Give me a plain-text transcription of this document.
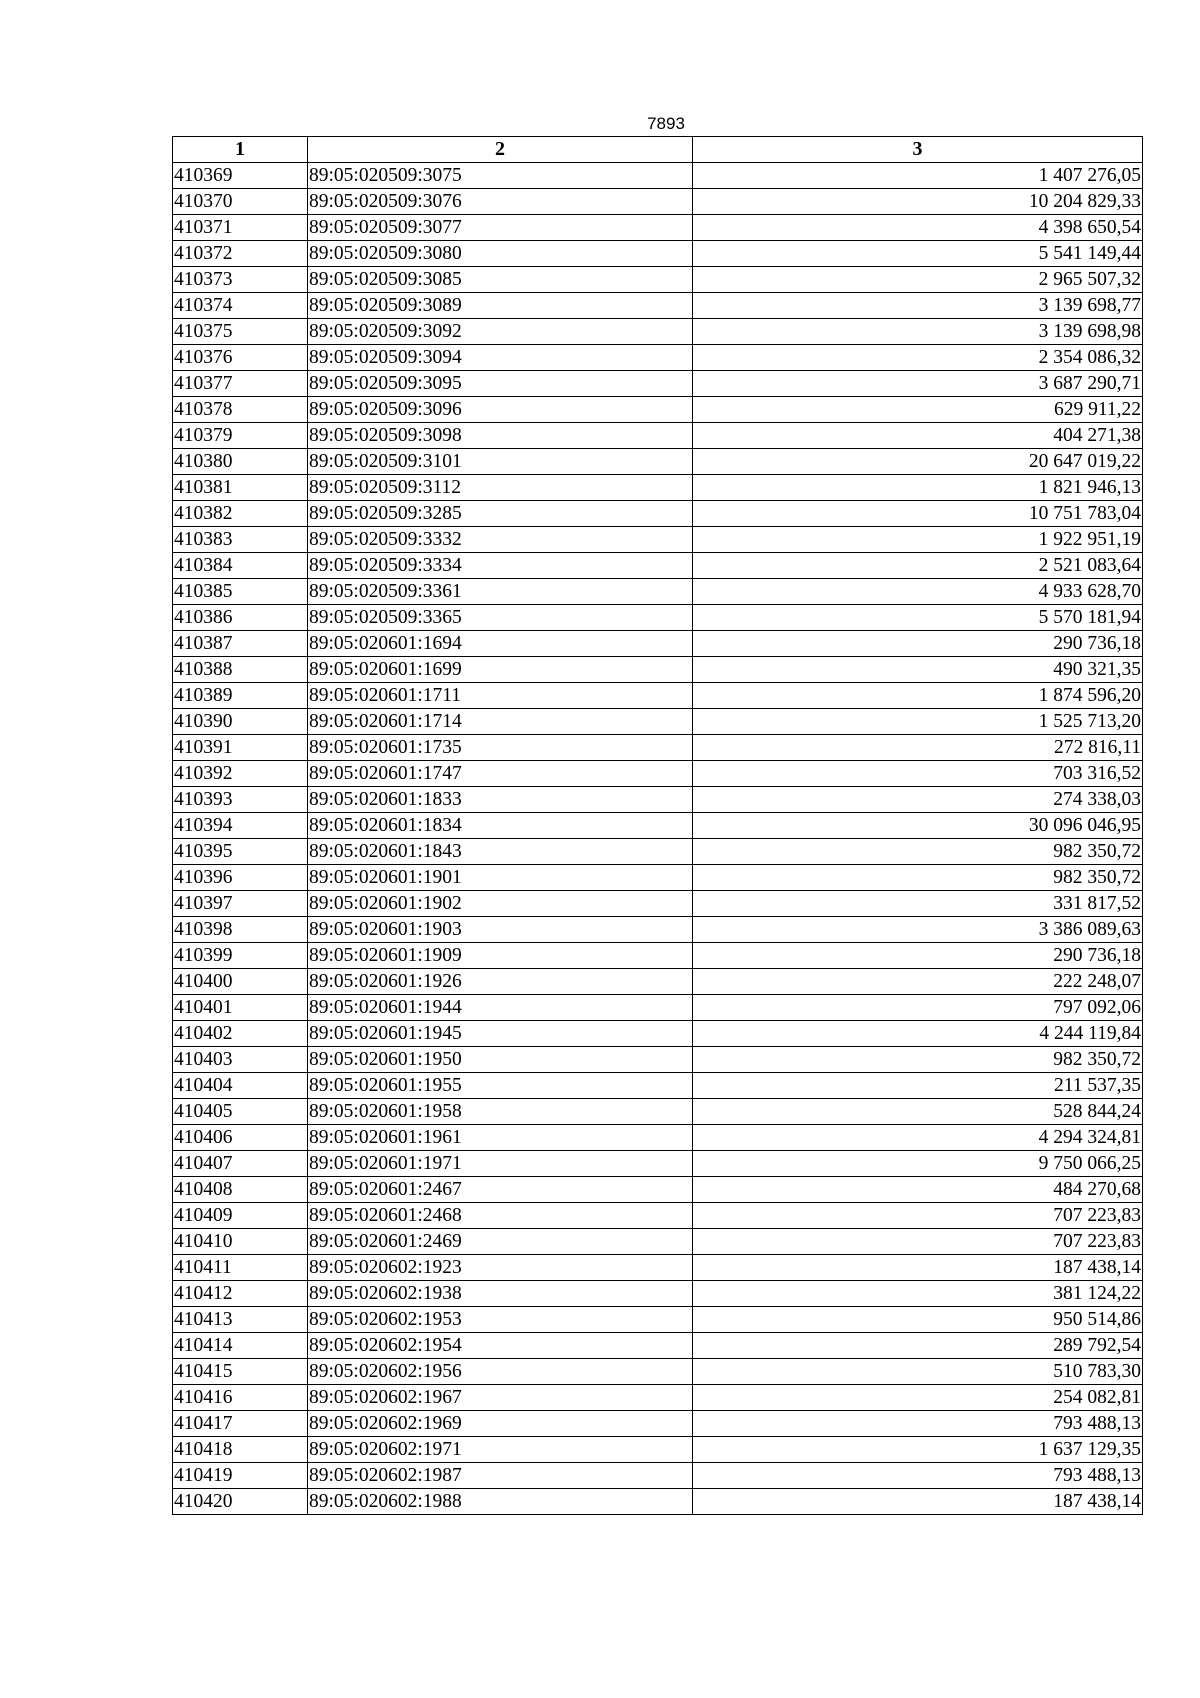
7893
1	2	3
410369	89:05:020509:3075	1 407 276,05
410370	89:05:020509:3076	10 204 829,33
410371	89:05:020509:3077	4 398 650,54
410372	89:05:020509:3080	5 541 149,44
410373	89:05:020509:3085	2 965 507,32
410374	89:05:020509:3089	3 139 698,77
410375	89:05:020509:3092	3 139 698,98
410376	89:05:020509:3094	2 354 086,32
410377	89:05:020509:3095	3 687 290,71
410378	89:05:020509:3096	629 911,22
410379	89:05:020509:3098	404 271,38
410380	89:05:020509:3101	20 647 019,22
410381	89:05:020509:3112	1 821 946,13
410382	89:05:020509:3285	10 751 783,04
410383	89:05:020509:3332	1 922 951,19
410384	89:05:020509:3334	2 521 083,64
410385	89:05:020509:3361	4 933 628,70
410386	89:05:020509:3365	5 570 181,94
410387	89:05:020601:1694	290 736,18
410388	89:05:020601:1699	490 321,35
410389	89:05:020601:1711	1 874 596,20
410390	89:05:020601:1714	1 525 713,20
410391	89:05:020601:1735	272 816,11
410392	89:05:020601:1747	703 316,52
410393	89:05:020601:1833	274 338,03
410394	89:05:020601:1834	30 096 046,95
410395	89:05:020601:1843	982 350,72
410396	89:05:020601:1901	982 350,72
410397	89:05:020601:1902	331 817,52
410398	89:05:020601:1903	3 386 089,63
410399	89:05:020601:1909	290 736,18
410400	89:05:020601:1926	222 248,07
410401	89:05:020601:1944	797 092,06
410402	89:05:020601:1945	4 244 119,84
410403	89:05:020601:1950	982 350,72
410404	89:05:020601:1955	211 537,35
410405	89:05:020601:1958	528 844,24
410406	89:05:020601:1961	4 294 324,81
410407	89:05:020601:1971	9 750 066,25
410408	89:05:020601:2467	484 270,68
410409	89:05:020601:2468	707 223,83
410410	89:05:020601:2469	707 223,83
410411	89:05:020602:1923	187 438,14
410412	89:05:020602:1938	381 124,22
410413	89:05:020602:1953	950 514,86
410414	89:05:020602:1954	289 792,54
410415	89:05:020602:1956	510 783,30
410416	89:05:020602:1967	254 082,81
410417	89:05:020602:1969	793 488,13
410418	89:05:020602:1971	1 637 129,35
410419	89:05:020602:1987	793 488,13
410420	89:05:020602:1988	187 438,14
